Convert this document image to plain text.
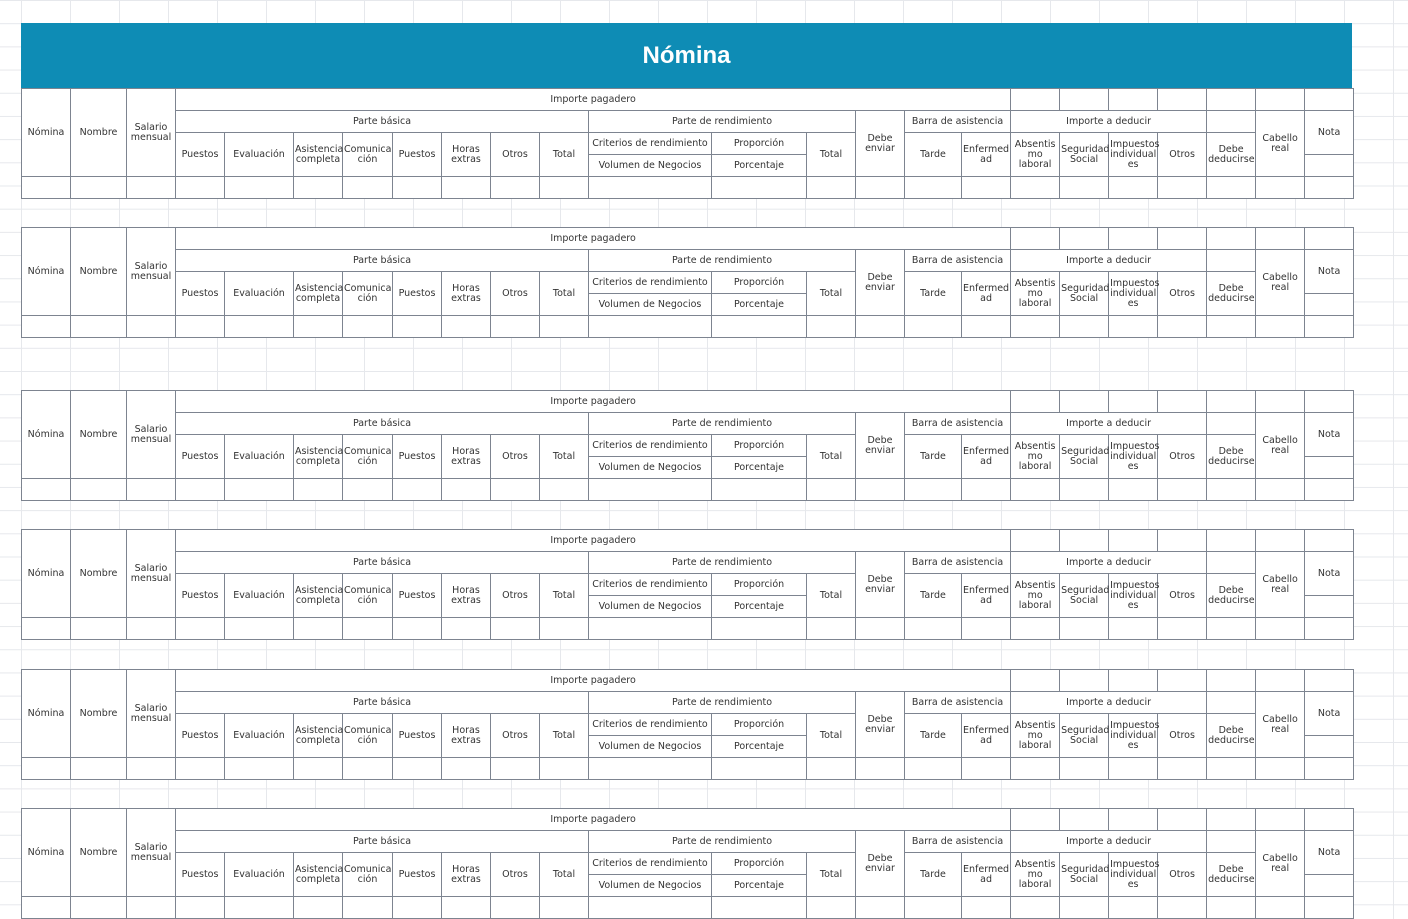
Nómina
Nómina	Nombre	Salario mensual	Importe pagadero																					
			Parte básica								Parte de rendimiento			Debe enviar	Barra de asistencia		Importe a deducir					Cabello real	Nota	
			Puestos	Evaluación	Asistencia completa	Comunica ción	Puestos	Horas extras	Otros	Total	Criterios de rendimiento	Proporción	Total		Tarde	Enfermed ad	Absentis mo laboral	Seguridad Social	Impuestos individual es	Otros	Debe deducirse			
											Volumen de Negocios	Porcentaje												

Nómina	Nombre	Salario mensual	Importe pagadero																					
			Parte básica								Parte de rendimiento			Debe enviar	Barra de asistencia		Importe a deducir					Cabello real	Nota	
			Puestos	Evaluación	Asistencia completa	Comunica ción	Puestos	Horas extras	Otros	Total	Criterios de rendimiento	Proporción	Total		Tarde	Enfermed ad	Absentis mo laboral	Seguridad Social	Impuestos individual es	Otros	Debe deducirse			
											Volumen de Negocios	Porcentaje												

Nómina	Nombre	Salario mensual	Importe pagadero																					
			Parte básica								Parte de rendimiento			Debe enviar	Barra de asistencia		Importe a deducir					Cabello real	Nota	
			Puestos	Evaluación	Asistencia completa	Comunica ción	Puestos	Horas extras	Otros	Total	Criterios de rendimiento	Proporción	Total		Tarde	Enfermed ad	Absentis mo laboral	Seguridad Social	Impuestos individual es	Otros	Debe deducirse			
											Volumen de Negocios	Porcentaje												

Nómina	Nombre	Salario mensual	Importe pagadero																					
			Parte básica								Parte de rendimiento			Debe enviar	Barra de asistencia		Importe a deducir					Cabello real	Nota	
			Puestos	Evaluación	Asistencia completa	Comunica ción	Puestos	Horas extras	Otros	Total	Criterios de rendimiento	Proporción	Total		Tarde	Enfermed ad	Absentis mo laboral	Seguridad Social	Impuestos individual es	Otros	Debe deducirse			
											Volumen de Negocios	Porcentaje												

Nómina	Nombre	Salario mensual	Importe pagadero																					
			Parte básica								Parte de rendimiento			Debe enviar	Barra de asistencia		Importe a deducir					Cabello real	Nota	
			Puestos	Evaluación	Asistencia completa	Comunica ción	Puestos	Horas extras	Otros	Total	Criterios de rendimiento	Proporción	Total		Tarde	Enfermed ad	Absentis mo laboral	Seguridad Social	Impuestos individual es	Otros	Debe deducirse			
											Volumen de Negocios	Porcentaje												

Nómina	Nombre	Salario mensual	Importe pagadero																					
			Parte básica								Parte de rendimiento			Debe enviar	Barra de asistencia		Importe a deducir					Cabello real	Nota	
			Puestos	Evaluación	Asistencia completa	Comunica ción	Puestos	Horas extras	Otros	Total	Criterios de rendimiento	Proporción	Total		Tarde	Enfermed ad	Absentis mo laboral	Seguridad Social	Impuestos individual es	Otros	Debe deducirse			
											Volumen de Negocios	Porcentaje												
